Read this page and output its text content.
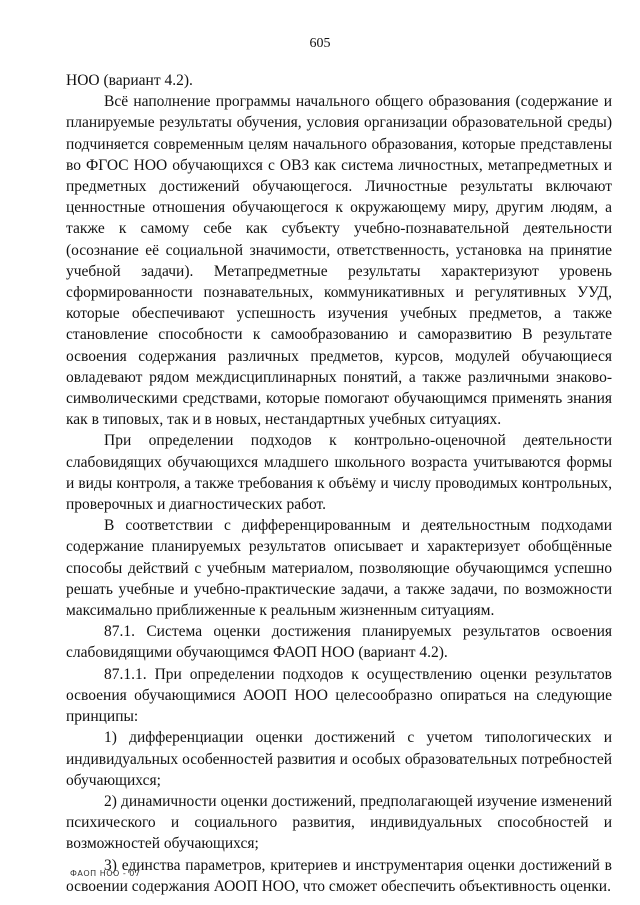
605

НОО (вариант 4.2).

Всё наполнение программы начального общего образования (содержание и планируемые результаты обучения, условия организации образовательной среды) подчиняется современным целям начального образования, которые представлены во ФГОС НОО обучающихся с ОВЗ как система личностных, метапредметных и предметных достижений обучающегося. Личностные результаты включают ценностные отношения обучающегося к окружающему миру, другим людям, а также к самому себе как субъекту учебно-познавательной деятельности (осознание её социальной значимости, ответственность, установка на принятие учебной задачи). Метапредметные результаты характеризуют уровень сформированности познавательных, коммуникативных и регулятивных УУД, которые обеспечивают успешность изучения учебных предметов, а также становление способности к самообразованию и саморазвитию В результате освоения содержания различных предметов, курсов, модулей обучающиеся овладевают рядом междисциплинарных понятий, а также различными знаково-символическими средствами, которые помогают обучающимся применять знания как в типовых, так и в новых, нестандартных учебных ситуациях.

При определении подходов к контрольно-оценочной деятельности слабовидящих обучающихся младшего школьного возраста учитываются формы и виды контроля, а также требования к объёму и числу проводимых контрольных, проверочных и диагностических работ.

В соответствии с дифференцированным и деятельностным подходами содержание планируемых результатов описывает и характеризует обобщённые способы действий с учебным материалом, позволяющие обучающимся успешно решать учебные и учебно-практические задачи, а также задачи, по возможности максимально приближенные к реальным жизненным ситуациям.

87.1. Система оценки достижения планируемых результатов освоения слабовидящими обучающимся ФАОП НОО (вариант 4.2).

87.1.1. При определении подходов к осуществлению оценки результатов освоения обучающимися АООП НОО целесообразно опираться на следующие принципы:

1) дифференциации оценки достижений с учетом типологических и индивидуальных особенностей развития и особых образовательных потребностей обучающихся;

2) динамичности оценки достижений, предполагающей изучение изменений психического и социального развития, индивидуальных способностей и возможностей обучающихся;

3) единства параметров, критериев и инструментария оценки достижений в освоении содержания АООП НОО, что сможет обеспечить объективность оценки.

ФАОП НОО - 07
